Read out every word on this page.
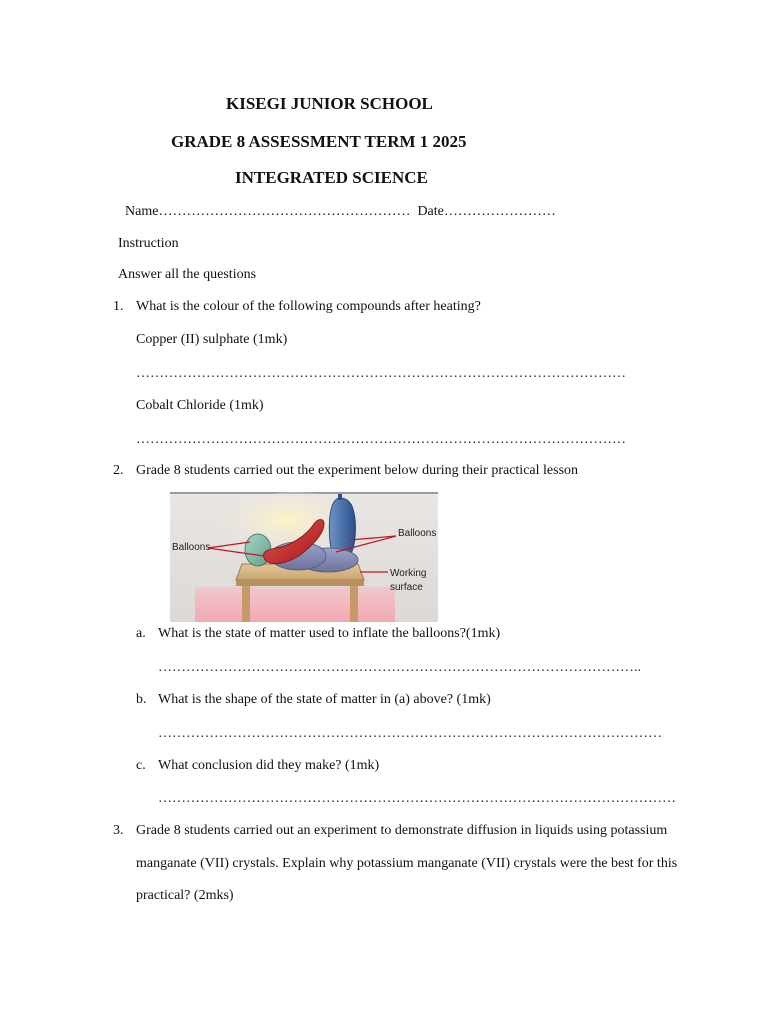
KISEGI JUNIOR SCHOOL
GRADE 8 ASSESSMENT TERM 1 2025
INTEGRATED SCIENCE
Name……………………………………………… Date……………………
Instruction
Answer all the questions
1. What is the colour of the following compounds after heating?
Copper (II) sulphate (1mk)
……………………………………………………………………………………………
Cobalt Chloride (1mk)
……………………………………………………………………………………………
2. Grade 8 students carried out the experiment below during their practical lesson
Balloons
Balloons
Working
surface
a. What is the state of matter used to inflate the balloons?(1mk)
…………………………………………………………………………………………..
b. What is the shape of the state of matter in (a) above? (1mk)
………………………………………………………………………………………………
c. What conclusion did they make? (1mk)
…………………………………………………………………………………………………
3. Grade 8 students carried out an experiment to demonstrate diffusion in liquids using potassium
manganate (VII) crystals. Explain why potassium manganate (VII) crystals were the best for this
practical? (2mks)
